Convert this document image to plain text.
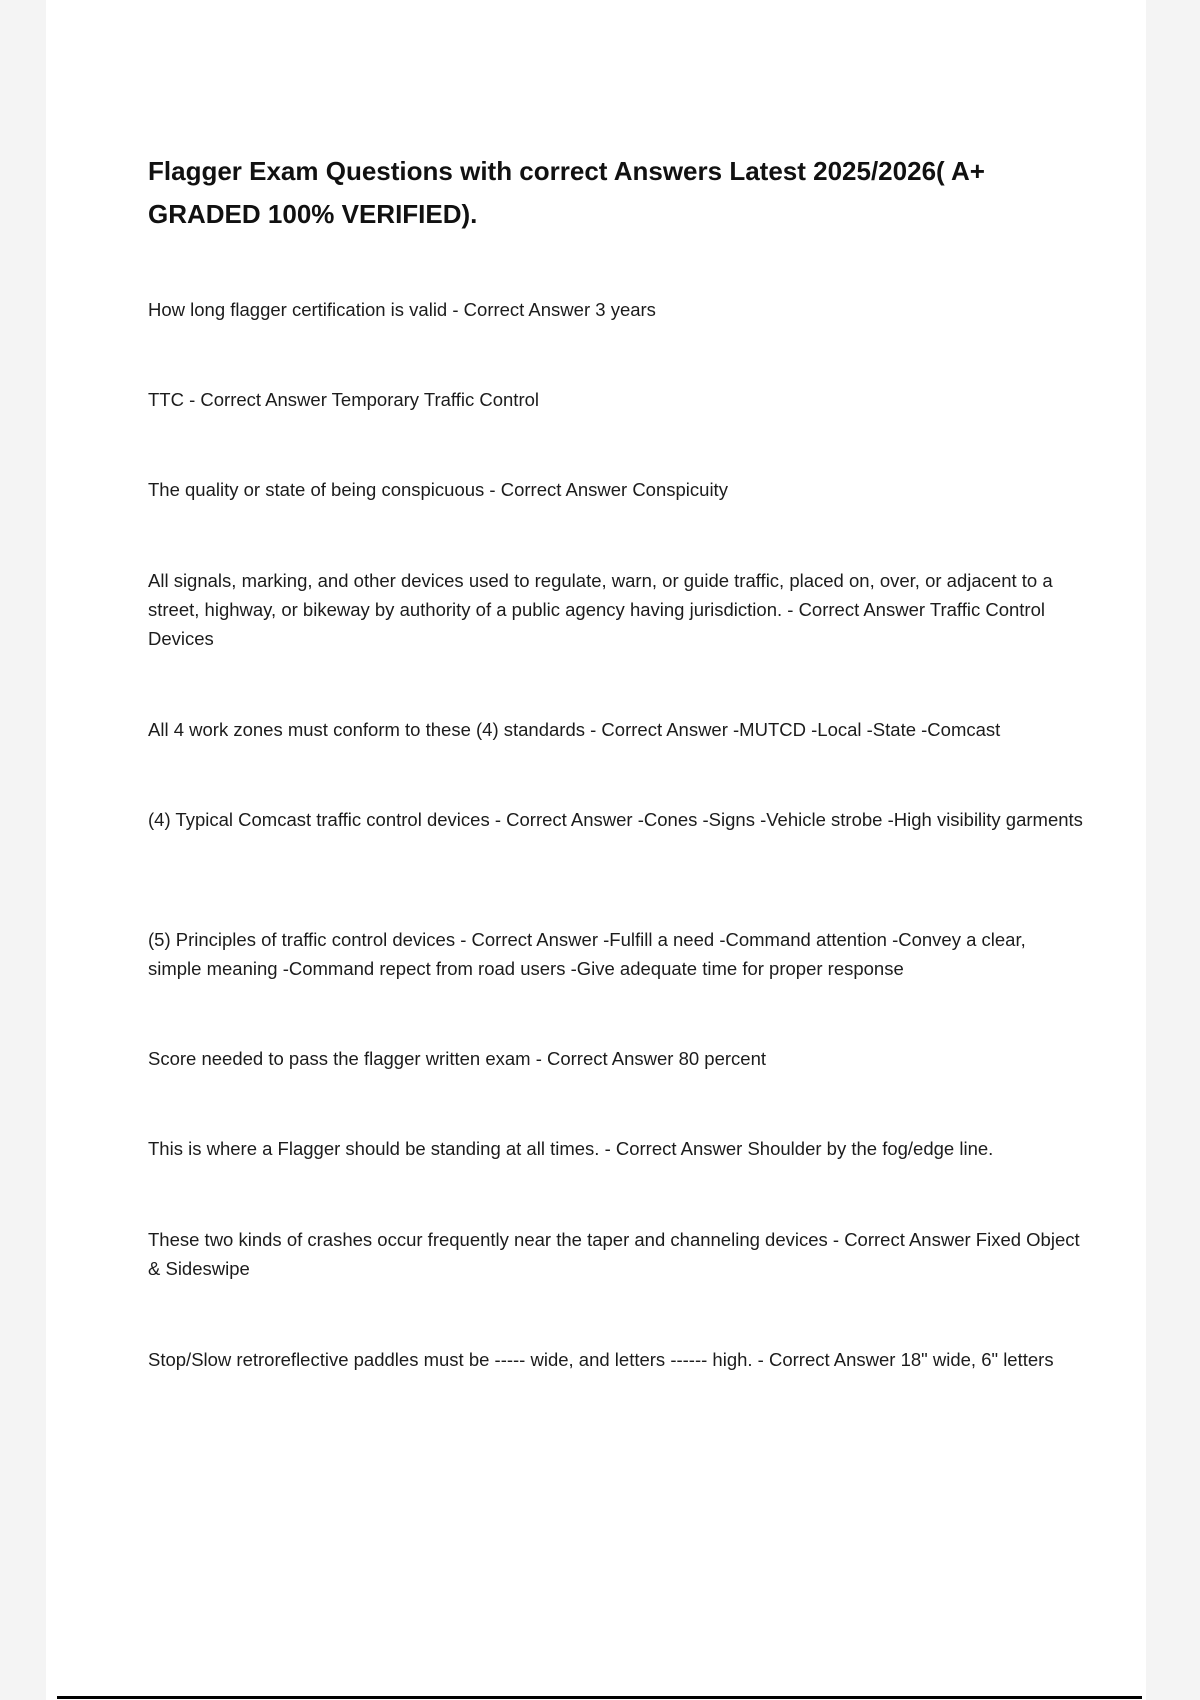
Flagger Exam Questions with correct Answers Latest 2025/2026( A+ GRADED 100% VERIFIED).
How long flagger certification is valid - Correct Answer 3 years
TTC - Correct Answer Temporary Traffic Control
The quality or state of being conspicuous - Correct Answer Conspicuity
All signals, marking, and other devices used to regulate, warn, or guide traffic, placed on, over, or adjacent to a street, highway, or bikeway by authority of a public agency having jurisdiction. - Correct Answer Traffic Control Devices
All 4 work zones must conform to these (4) standards - Correct Answer -MUTCD -Local -State -Comcast
(4) Typical Comcast traffic control devices - Correct Answer -Cones -Signs -Vehicle strobe -High visibility garments
(5) Principles of traffic control devices - Correct Answer -Fulfill a need -Command attention -Convey a clear, simple meaning -Command repect from road users -Give adequate time for proper response
Score needed to pass the flagger written exam - Correct Answer 80 percent
This is where a Flagger should be standing at all times. - Correct Answer Shoulder by the fog/edge line.
These two kinds of crashes occur frequently near the taper and channeling devices - Correct Answer Fixed Object & Sideswipe
Stop/Slow retroreflective paddles must be ----- wide, and letters ------ high. - Correct Answer 18" wide, 6" letters
